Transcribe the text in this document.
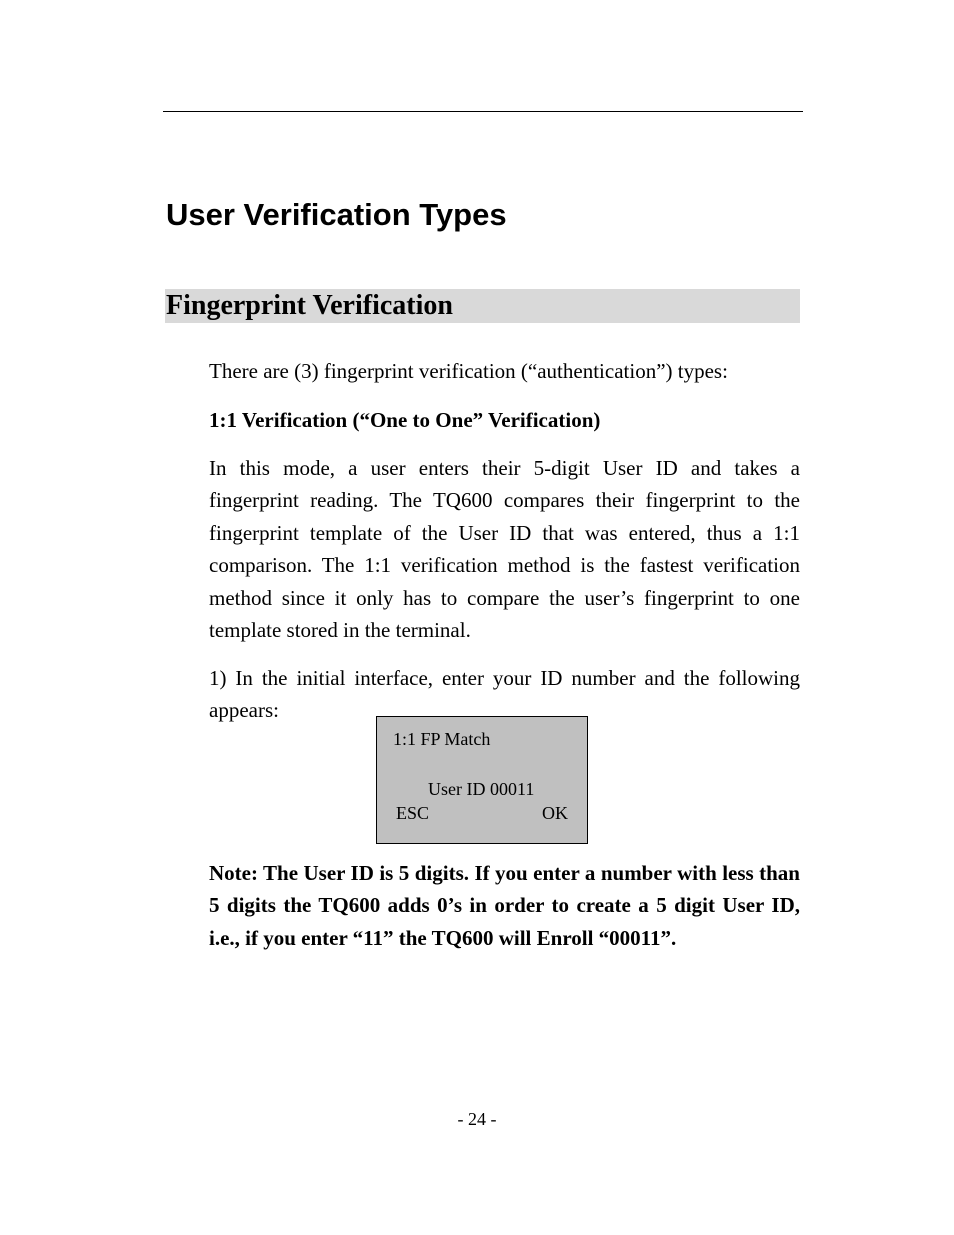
User Verification Types
Fingerprint Verification

There are (3) fingerprint verification (“authentication”) types:

1:1 Verification (“One to One” Verification)

In this mode, a user enters their 5-digit User ID and takes a fingerprint reading. The TQ600 compares their fingerprint to the fingerprint template of the User ID that was entered, thus a 1:1 comparison. The 1:1 verification method is the fastest verification method since it only has to compare the user’s fingerprint to one template stored in the terminal.

1) In the initial interface, enter your ID number and the following appears:

1:1 FP Match
User ID 00011
ESC	OK

Note: The User ID is 5 digits. If you enter a number with less than 5 digits the TQ600 adds 0’s in order to create a 5 digit User ID, i.e., if you enter “11” the TQ600 will Enroll “00011”.

- 24 -
